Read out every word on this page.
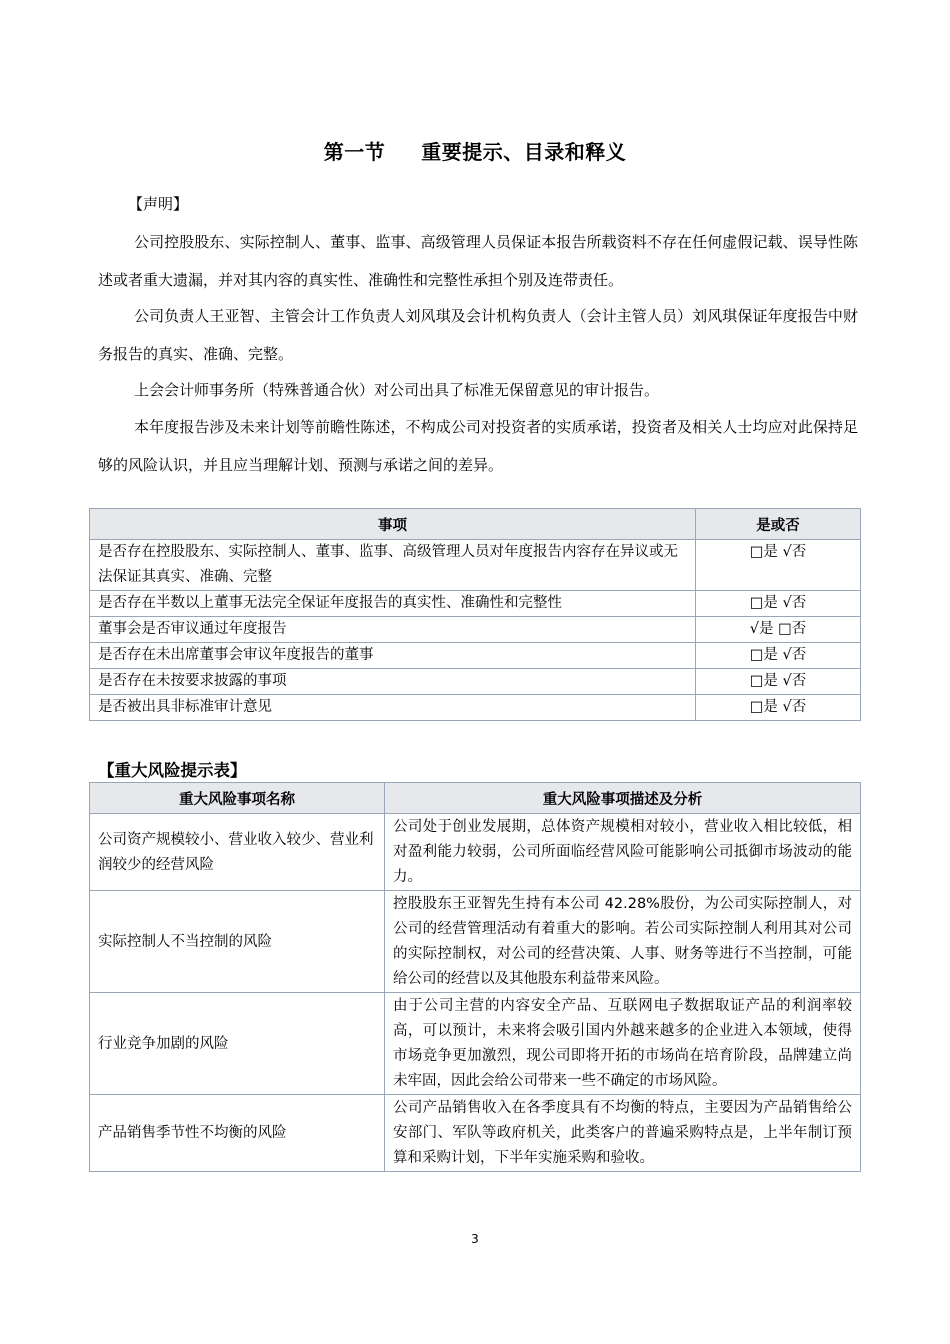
第一节 重要提示、目录和释义
【声明】

公司控股股东、实际控制人、董事、监事、高级管理人员保证本报告所载资料不存在任何虚假记载、误导性陈述或者重大遗漏，并对其内容的真实性、准确性和完整性承担个别及连带责任。

公司负责人王亚智、主管会计工作负责人刘风琪及会计机构负责人（会计主管人员）刘风琪保证年度报告中财务报告的真实、准确、完整。

上会会计师事务所（特殊普通合伙）对公司出具了标准无保留意见的审计报告。

本年度报告涉及未来计划等前瞻性陈述，不构成公司对投资者的实质承诺，投资者及相关人士均应对此保持足够的风险认识，并且应当理解计划、预测与承诺之间的差异。

事项	是或否
是否存在控股股东、实际控制人、董事、监事、高级管理人员对年度报告内容存在异议或无法保证其真实、准确、完整	□是 √否
是否存在半数以上董事无法完全保证年度报告的真实性、准确性和完整性	□是 √否
董事会是否审议通过年度报告	√是 □否
是否存在未出席董事会审议年度报告的董事	□是 √否
是否存在未按要求披露的事项	□是 √否
是否被出具非标准审计意见	□是 √否
【重大风险提示表】
重大风险事项名称	重大风险事项描述及分析
公司资产规模较小、营业收入较少、营业利润较少的经营风险	公司处于创业发展期，总体资产规模相对较小，营业收入相比较低，相对盈利能力较弱，公司所面临经营风险可能影响公司抵御市场波动的能力。
实际控制人不当控制的风险	控股股东王亚智先生持有本公司 42.28%股份，为公司实际控制人，对公司的经营管理活动有着重大的影响。若公司实际控制人利用其对公司的实际控制权，对公司的经营决策、人事、财务等进行不当控制，可能给公司的经营以及其他股东利益带来风险。
行业竞争加剧的风险	由于公司主营的内容安全产品、互联网电子数据取证产品的利润率较高，可以预计，未来将会吸引国内外越来越多的企业进入本领域，使得市场竞争更加激烈，现公司即将开拓的市场尚在培育阶段，品牌建立尚未牢固，因此会给公司带来一些不确定的市场风险。
产品销售季节性不均衡的风险	公司产品销售收入在各季度具有不均衡的特点，主要因为产品销售给公安部门、军队等政府机关，此类客户的普遍采购特点是，上半年制订预算和采购计划，下半年实施采购和验收。
3
